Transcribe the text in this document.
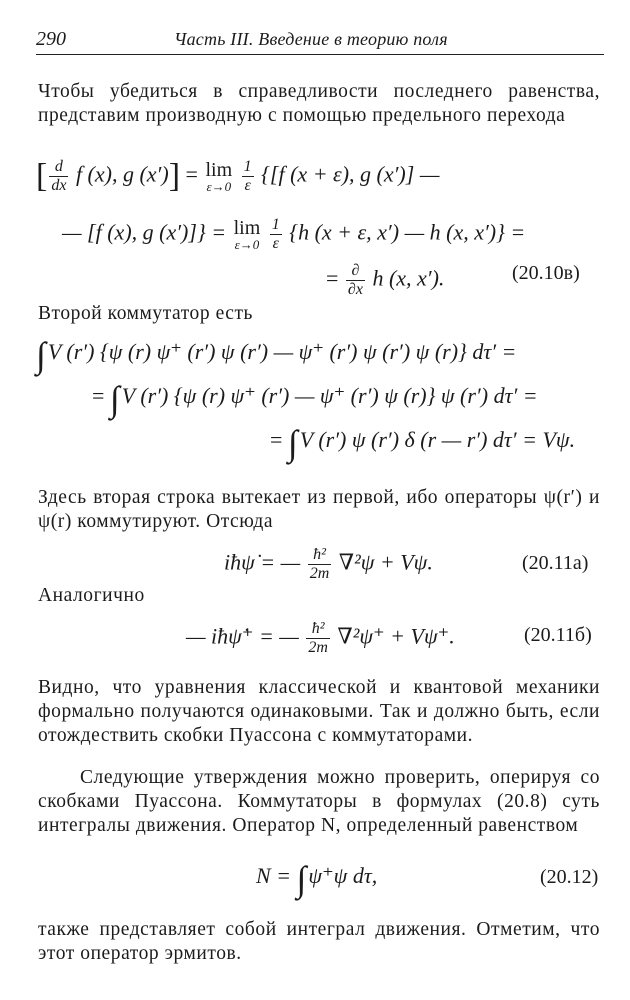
290	Часть III. Введение в теорию поля
Чтобы убедиться в справедливости последнего равенства, представим производную с помощью предельного перехода
[ $\frac{d}{dx}$ f (x), g (x′)] = lim
ε→0
$\frac{1}{\varepsilon} \{[f$ (x + ε), g (x′)] —
— [f (x), g (x′)]} = lim
ε→0
$\frac{1}{\varepsilon} \{h$ (x + ε, x′) — h (x, x′)} =
= $\frac{\partial}{\partial x}$ h (x, x′).	(20.10в)
Второй коммутатор есть
∫V (r′) {ψ (r) ψ⁺ (r′) ψ (r′) — ψ⁺ (r′) ψ (r′) ψ (r)} dτ′ =
= ∫V (r′) {ψ (r) ψ⁺ (r′) — ψ⁺ (r′) ψ (r)} ψ (r′) dτ′ =
= ∫V (r′) ψ (r′) δ (r — r′) dτ′ = Vψ.
Здесь вторая строка вытекает из первой, ибо операторы ψ(r′) и ψ(r) коммутируют. Отсюда
iħψ̇ = — $\frac{\text{ħ²}}{2m} \nabla^2\psi + V\psi$.	(20.11а)
Аналогично
— iħψ̇⁺ = — $\frac{\text{ħ²}}{2m} \nabla^2\psi^+ + V\psi^+$.	(20.11б)
Видно, что уравнения классической и квантовой механики формально получаются одинаковыми. Так и должно быть, если отождествить скобки Пуассона с коммутаторами.
Следующие утверждения можно проверить, оперируя со скобками Пуассона. Коммутаторы в формулах (20.8) суть интегралы движения. Оператор N, определенный равенством
N = ∫ψ⁺ψ dτ,	(20.12)
также представляет собой интеграл движения. Отметим, что этот оператор эрмитов.
